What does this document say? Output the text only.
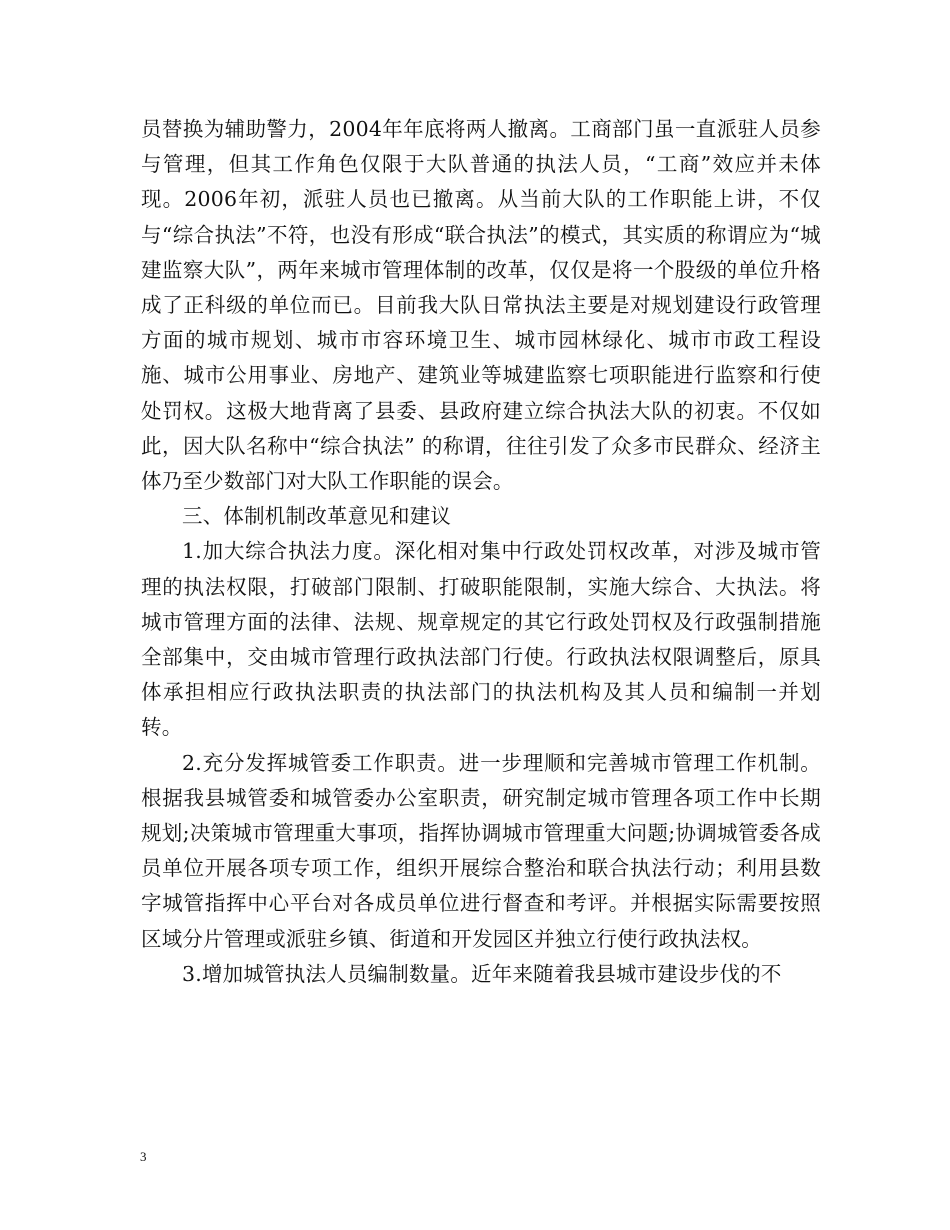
员替换为辅助警力，2004年年底将两人撤离。工商部门虽一直派驻人员参与管理，但其工作角色仅限于大队普通的执法人员，“工商”效应并未体现。2006年初，派驻人员也已撤离。从当前大队的工作职能上讲，不仅与“综合执法”不符，也没有形成“联合执法”的模式，其实质的称谓应为“城建监察大队”，两年来城市管理体制的改革，仅仅是将一个股级的单位升格成了正科级的单位而已。目前我大队日常执法主要是对规划建设行政管理方面的城市规划、城市市容环境卫生、城市园林绿化、城市市政工程设施、城市公用事业、房地产、建筑业等城建监察七项职能进行监察和行使处罚权。这极大地背离了县委、县政府建立综合执法大队的初衷。不仅如此，因大队名称中“综合执法” 的称谓，往往引发了众多市民群众、经济主体乃至少数部门对大队工作职能的误会。

三、体制机制改革意见和建议

1.加大综合执法力度。深化相对集中行政处罚权改革，对涉及城市管理的执法权限，打破部门限制、打破职能限制，实施大综合、大执法。将城市管理方面的法律、法规、规章规定的其它行政处罚权及行政强制措施全部集中，交由城市管理行政执法部门行使。行政执法权限调整后，原具体承担相应行政执法职责的执法部门的执法机构及其人员和编制一并划转。

2.充分发挥城管委工作职责。进一步理顺和完善城市管理工作机制。根据我县城管委和城管委办公室职责，研究制定城市管理各项工作中长期规划;决策城市管理重大事项，指挥协调城市管理重大问题;协调城管委各成员单位开展各项专项工作，组织开展综合整治和联合执法行动；利用县数字城管指挥中心平台对各成员单位进行督查和考评。并根据实际需要按照区域分片管理或派驻乡镇、街道和开发园区并独立行使行政执法权。

3.增加城管执法人员编制数量。近年来随着我县城市建设步伐的不

3
